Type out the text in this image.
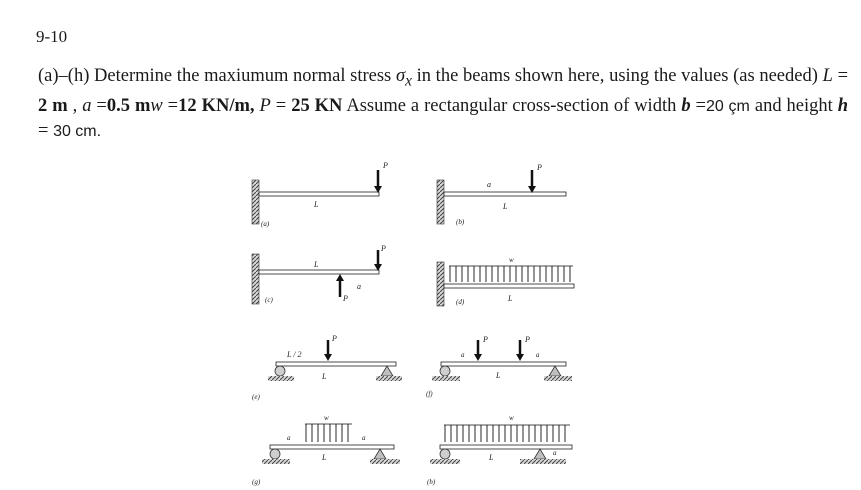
9-10
(a)–(h) Determine the maxiumum normal stress $\sigma_x$ in the beams shown here, using the values (as needed) L = 2 m , a =0.5 mw =12 KN/m, P = 25 KN Assume a rectangular cross-section of width b =20 çm and height h = 30 cm.
P
L
(a)
P
a
L
(b)
P
L
a
P
(c)
w
L
(d)
P
L / 2
L
(e)
P	P
a	a
L
(f)
w
a	a
L
(g)
w
L	a
(h)
